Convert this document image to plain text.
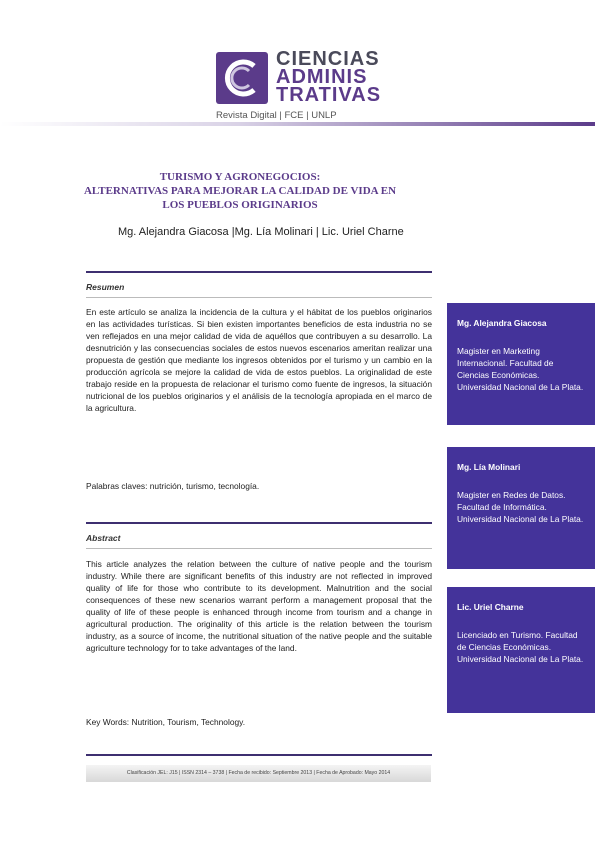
CIENCIAS
ADMINIS
TRATIVAS
Revista Digital | FCE | UNLP
TURISMO Y AGRONEGOCIOS:
ALTERNATIVAS PARA MEJORAR LA CALIDAD DE VIDA EN
LOS PUEBLOS ORIGINARIOS
Mg. Alejandra Giacosa |Mg. Lía Molinari | Lic. Uriel Charne
Resumen
En este artículo se analiza la incidencia de la cultura y el hábitat de los pueblos originarios en las actividades turísticas. Si bien existen importantes beneficios de esta industria no se ven reflejados en una mejor calidad de vida de aquéllos que contribuyen a su desarrollo. La desnutrición y las consecuencias sociales de estos nuevos escenarios ameritan realizar una propuesta de gestión que mediante los ingresos obtenidos por el turismo y un cambio en la producción agrícola se mejore la calidad de vida de estos pueblos. La originalidad de este trabajo reside en la propuesta de relacionar el turismo como fuente de ingresos, la situación nutricional de los pueblos originarios y el análisis de la tecnología apropiada en el marco de la agricultura.
Palabras claves: nutrición, turismo, tecnología.
Abstract
This article analyzes the relation between the culture of native people and the tourism industry. While there are significant benefits of this industry are not reflected in improved quality of life for those who contribute to its development. Malnutrition and the social consequences of these new scenarios warrant perform a management proposal that the quality of life of these people is enhanced through income from tourism and a change in agricultural production. The originality of this article is the relation between the tourism industry, as a source of income, the nutritional situation of the native people and the suitable agriculture technology for to take advantages of the land.
Key Words: Nutrition, Tourism, Technology.
Clasificación JEL: J15 | ISSN 2314 – 3738 | Fecha de recibido: Septiembre 2013 | Fecha de Aprobado: Mayo 2014
Mg. Alejandra Giacosa
Magister en Marketing Internacional. Facultad de Ciencias Económicas. Universidad Nacional de La Plata.
Mg. Lía Molinari
Magister en Redes de Datos. Facultad de Informática. Universidad Nacional de La Plata.
Lic. Uriel Charne
Licenciado en Turismo. Facultad de Ciencias Económicas. Universidad Nacional de La Plata.
